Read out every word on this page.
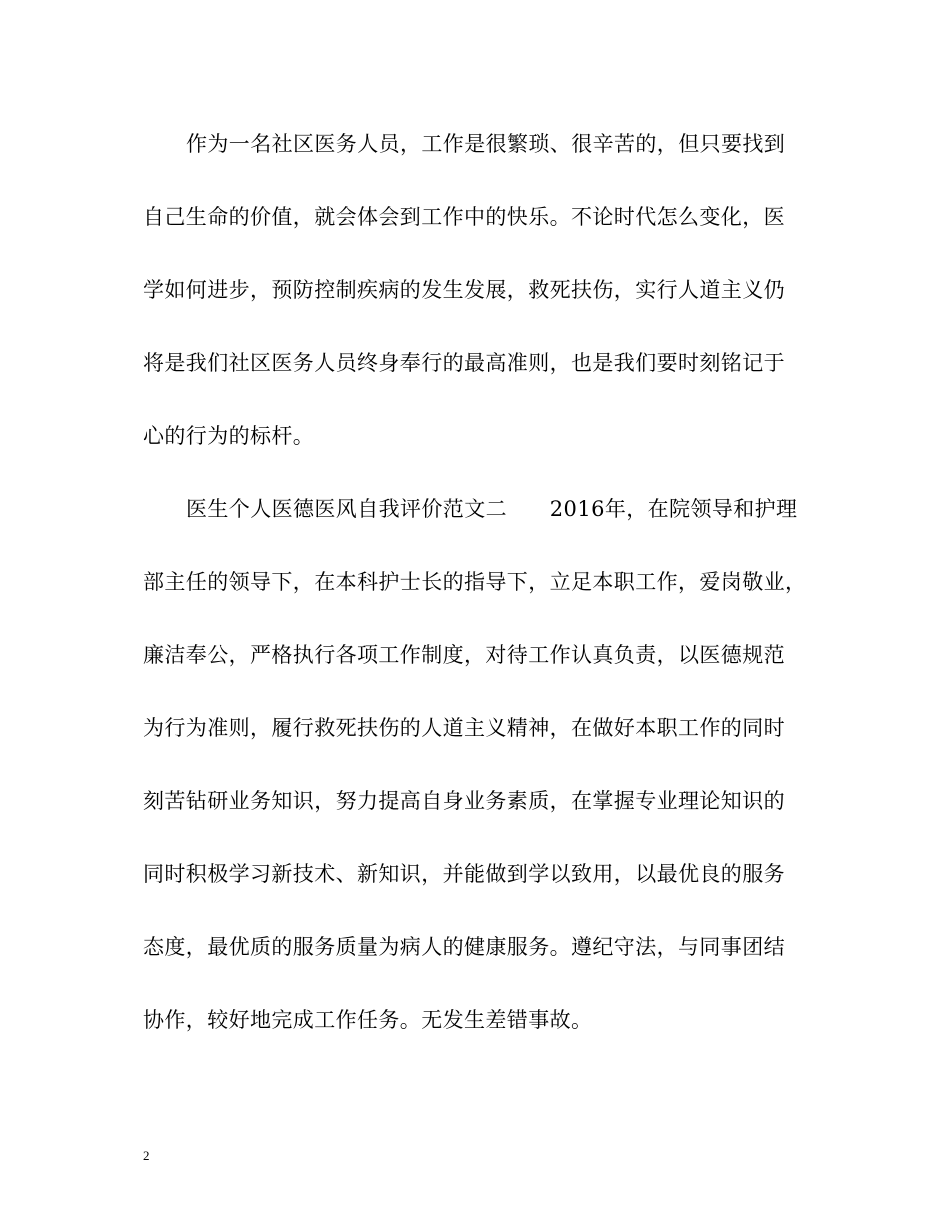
作为一名社区医务人员，工作是很繁琐、很辛苦的，但只要找到
自己生命的价值，就会体会到工作中的快乐。不论时代怎么变化，医
学如何进步，预防控制疾病的发生发展，救死扶伤，实行人道主义仍
将是我们社区医务人员终身奉行的最高准则，也是我们要时刻铭记于
心的行为的标杆。
医生个人医德医风自我评价范文二　　2016年，在院领导和护理
部主任的领导下，在本科护士长的指导下，立足本职工作，爱岗敬业，
廉洁奉公，严格执行各项工作制度，对待工作认真负责，以医德规范
为行为准则，履行救死扶伤的人道主义精神，在做好本职工作的同时
刻苦钻研业务知识，努力提高自身业务素质，在掌握专业理论知识的
同时积极学习新技术、新知识，并能做到学以致用，以最优良的服务
态度，最优质的服务质量为病人的健康服务。遵纪守法，与同事团结
协作，较好地完成工作任务。无发生差错事故。
2
